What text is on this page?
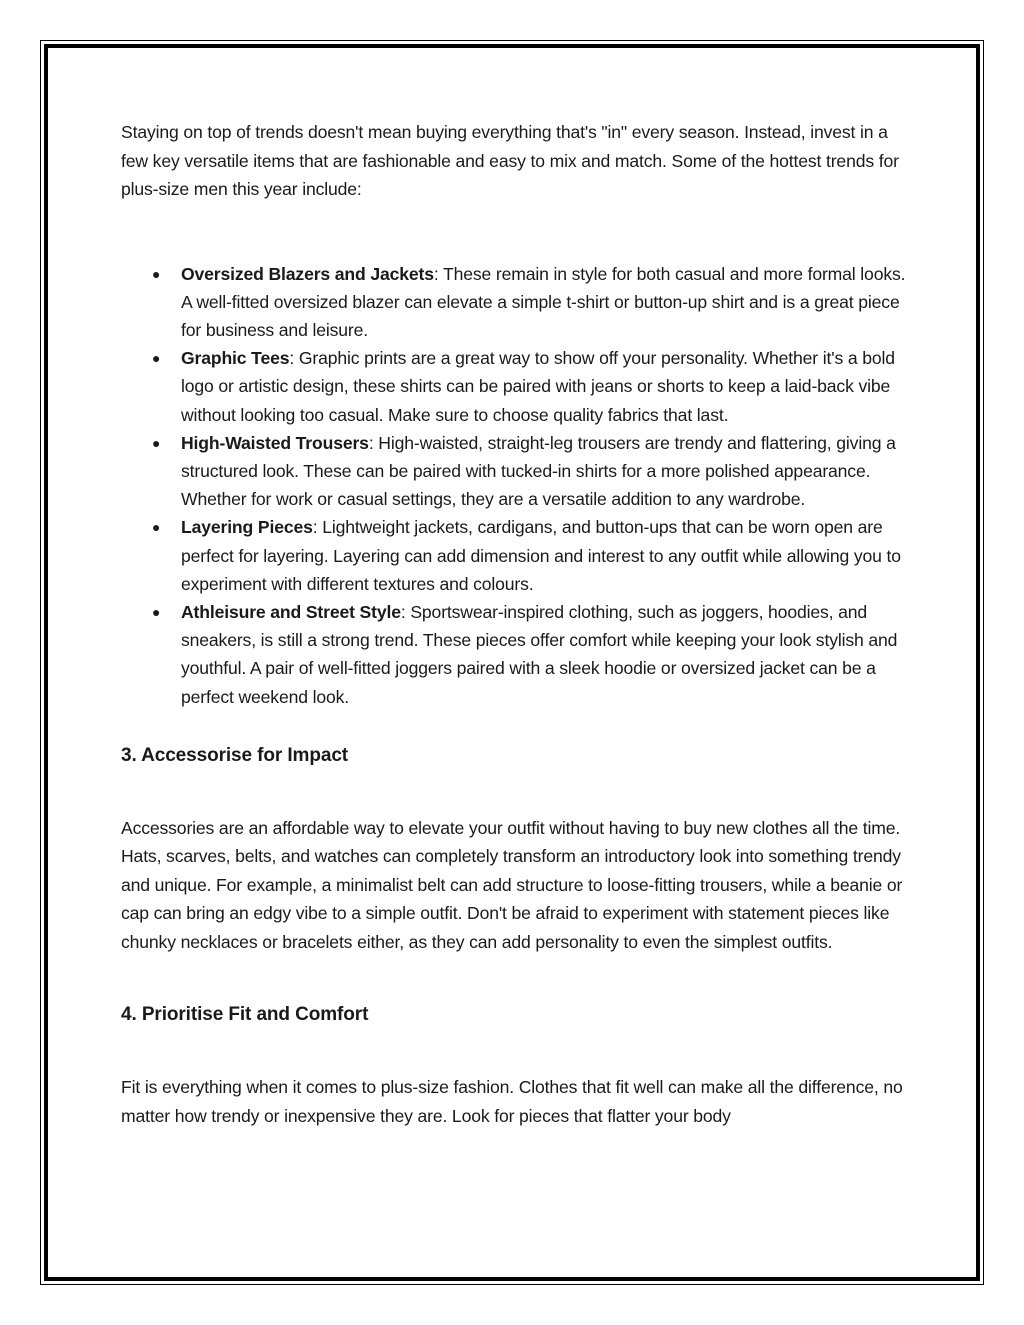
Staying on top of trends doesn't mean buying everything that's "in" every season. Instead, invest in a few key versatile items that are fashionable and easy to mix and match. Some of the hottest trends for plus-size men this year include:

● Oversized Blazers and Jackets: These remain in style for both casual and more formal looks. A well-fitted oversized blazer can elevate a simple t-shirt or button-up shirt and is a great piece for business and leisure.
● Graphic Tees: Graphic prints are a great way to show off your personality. Whether it's a bold logo or artistic design, these shirts can be paired with jeans or shorts to keep a laid-back vibe without looking too casual. Make sure to choose quality fabrics that last.
● High-Waisted Trousers: High-waisted, straight-leg trousers are trendy and flattering, giving a structured look. These can be paired with tucked-in shirts for a more polished appearance. Whether for work or casual settings, they are a versatile addition to any wardrobe.
● Layering Pieces: Lightweight jackets, cardigans, and button-ups that can be worn open are perfect for layering. Layering can add dimension and interest to any outfit while allowing you to experiment with different textures and colours.
● Athleisure and Street Style: Sportswear-inspired clothing, such as joggers, hoodies, and sneakers, is still a strong trend. These pieces offer comfort while keeping your look stylish and youthful. A pair of well-fitted joggers paired with a sleek hoodie or oversized jacket can be a perfect weekend look.
3. Accessorise for Impact

Accessories are an affordable way to elevate your outfit without having to buy new clothes all the time. Hats, scarves, belts, and watches can completely transform an introductory look into something trendy and unique. For example, a minimalist belt can add structure to loose-fitting trousers, while a beanie or cap can bring an edgy vibe to a simple outfit. Don't be afraid to experiment with statement pieces like chunky necklaces or bracelets either, as they can add personality to even the simplest outfits.

4. Prioritise Fit and Comfort

Fit is everything when it comes to plus-size fashion. Clothes that fit well can make all the difference, no matter how trendy or inexpensive they are. Look for pieces that flatter your body
